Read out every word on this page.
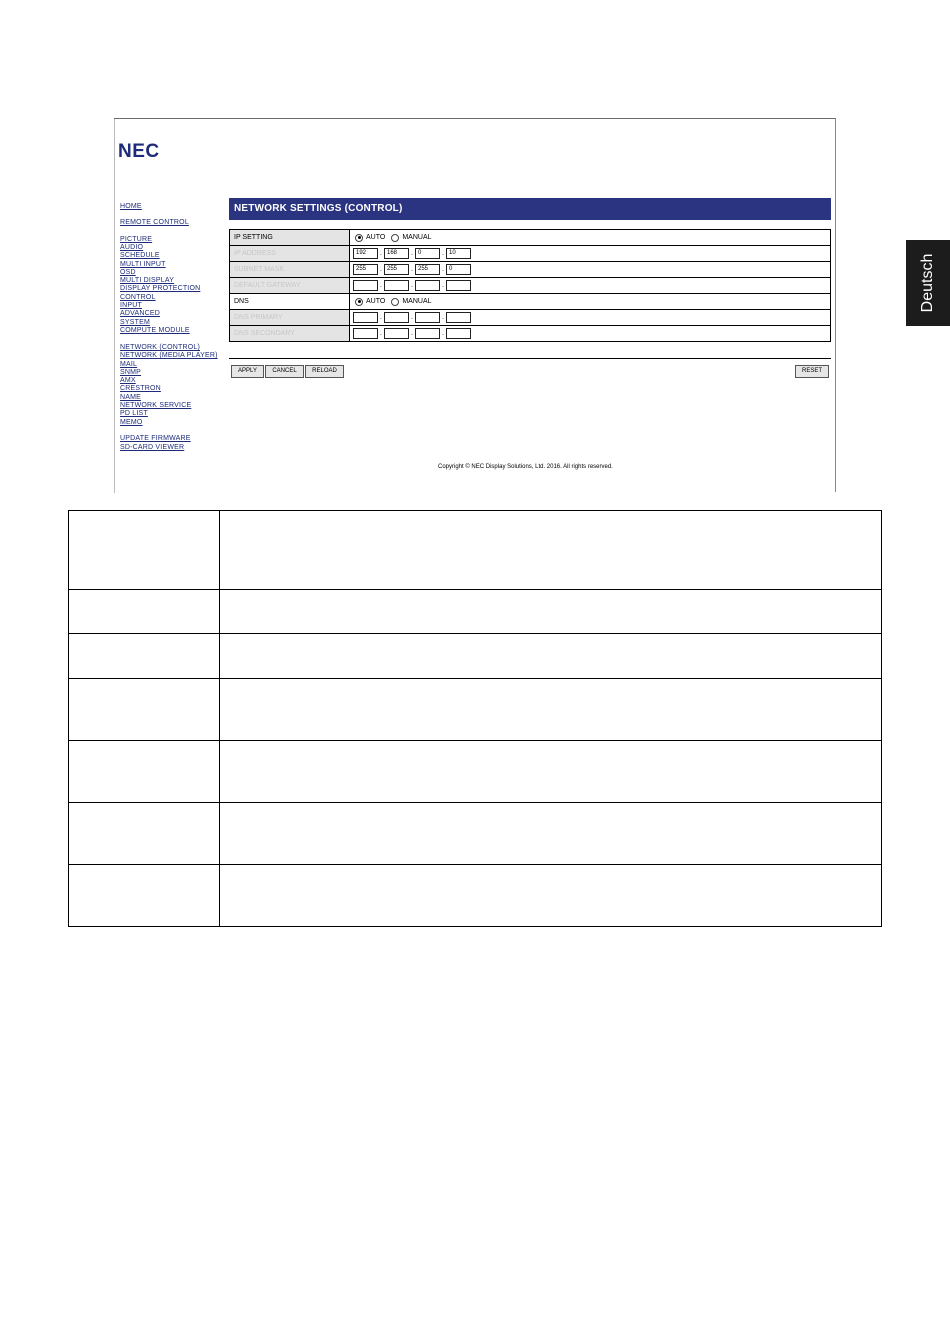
NEC
HOME
REMOTE CONTROL
PICTURE
AUDIO
SCHEDULE
MULTI INPUT
OSD
MULTI DISPLAY
DISPLAY PROTECTION
CONTROL
INPUT
ADVANCED
SYSTEM
COMPUTE MODULE
NETWORK (CONTROL)
NETWORK (MEDIA PLAYER)
MAIL
SNMP
AMX
CRESTRON
NAME
NETWORK SERVICE
PD LIST
MEMO
UPDATE FIRMWARE
SD-CARD VIEWER
NETWORK SETTINGS (CONTROL)
IP SETTING	AUTO MANUAL
IP ADDRESS	192 . 168 . 0 . 10
SUBNET MASK	255 . 255 . 255 . 0
DEFAULT GATEWAY	. . .
DNS	AUTO MANUAL
DNS PRIMARY	. . .
DNS SECONDARY	. . .
APPLY	CANCEL	RELOAD	RESET
Copyright © NEC Display Solutions, Ltd. 2016. All rights reserved.
Deutsch
